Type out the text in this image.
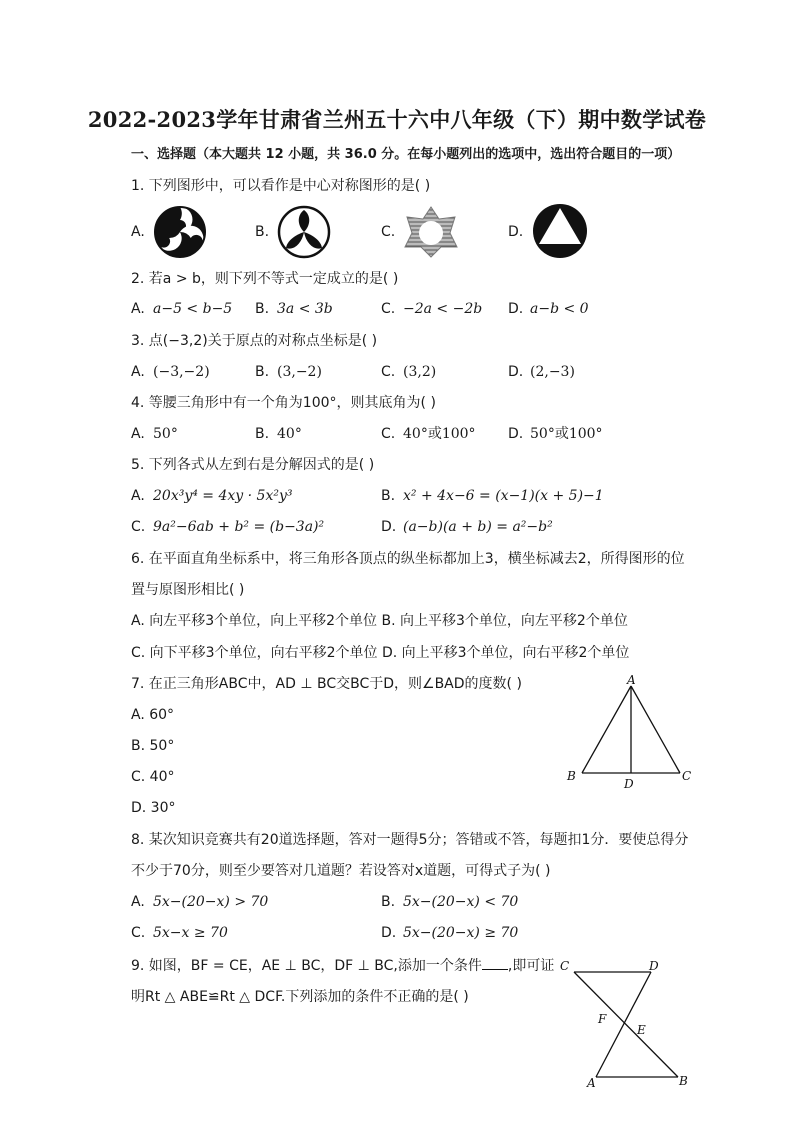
2022-2023学年甘肃省兰州五十六中八年级（下）期中数学试卷
一、选择题（本大题共 12 小题，共 36.0 分。在每小题列出的选项中，选出符合题目的一项）
1. 下列图形中，可以看作是中心对称图形的是( )
A.	B.	C.	D.
2. 若a > b，则下列不等式一定成立的是( )
A. a−5 < b−5 B. 3a < 3b	C. −2a < −2b D. a−b < 0
3. 点(−3,2)关于原点的对称点坐标是( )
A. (−3,−2)	B. (3,−2)	C. (3,2)	D. (2,−3)
4. 等腰三角形中有一个角为100°，则其底角为( )
A. 50°	B. 40°	C. 40°或100° D. 50°或100°
5. 下列各式从左到右是分解因式的是( )
A. 20x³y⁴ = 4xy · 5x²y³	B. x² + 4x−6 = (x−1)(x + 5)−1
C. 9a²−6ab + b² = (b−3a)²	D. (a−b)(a + b) = a²−b²
6. 在平面直角坐标系中，将三角形各顶点的纵坐标都加上3，横坐标减去2，所得图形的位
置与原图形相比( )
A. 向左平移3个单位，向上平移2个单位 B. 向上平移3个单位，向左平移2个单位
C. 向下平移3个单位，向右平移2个单位 D. 向上平移3个单位，向右平移2个单位
7. 在正三角形ABC中，AD ⊥ BC交BC于D，则∠BAD的度数( )
A. 60°
B. 50°
C. 40°
D. 30°
A
B	C
D
8. 某次知识竞赛共有20道选择题，答对一题得5分；答错或不答，每题扣1分．要使总得分
不少于70分，则至少要答对几道题？若设答对x道题，可得式子为( )
A. 5x−(20−x) > 70	B. 5x−(20−x) < 70
C. 5x−x ≥ 70	D. 5x−(20−x) ≥ 70
9. 如图，BF = CE，AE ⊥ BC，DF ⊥ BC,添加一个条件 ,即可证
明Rt △ ABE≌Rt △ DCF.下列添加的条件不正确的是( )
C	D
F
E
A	B
